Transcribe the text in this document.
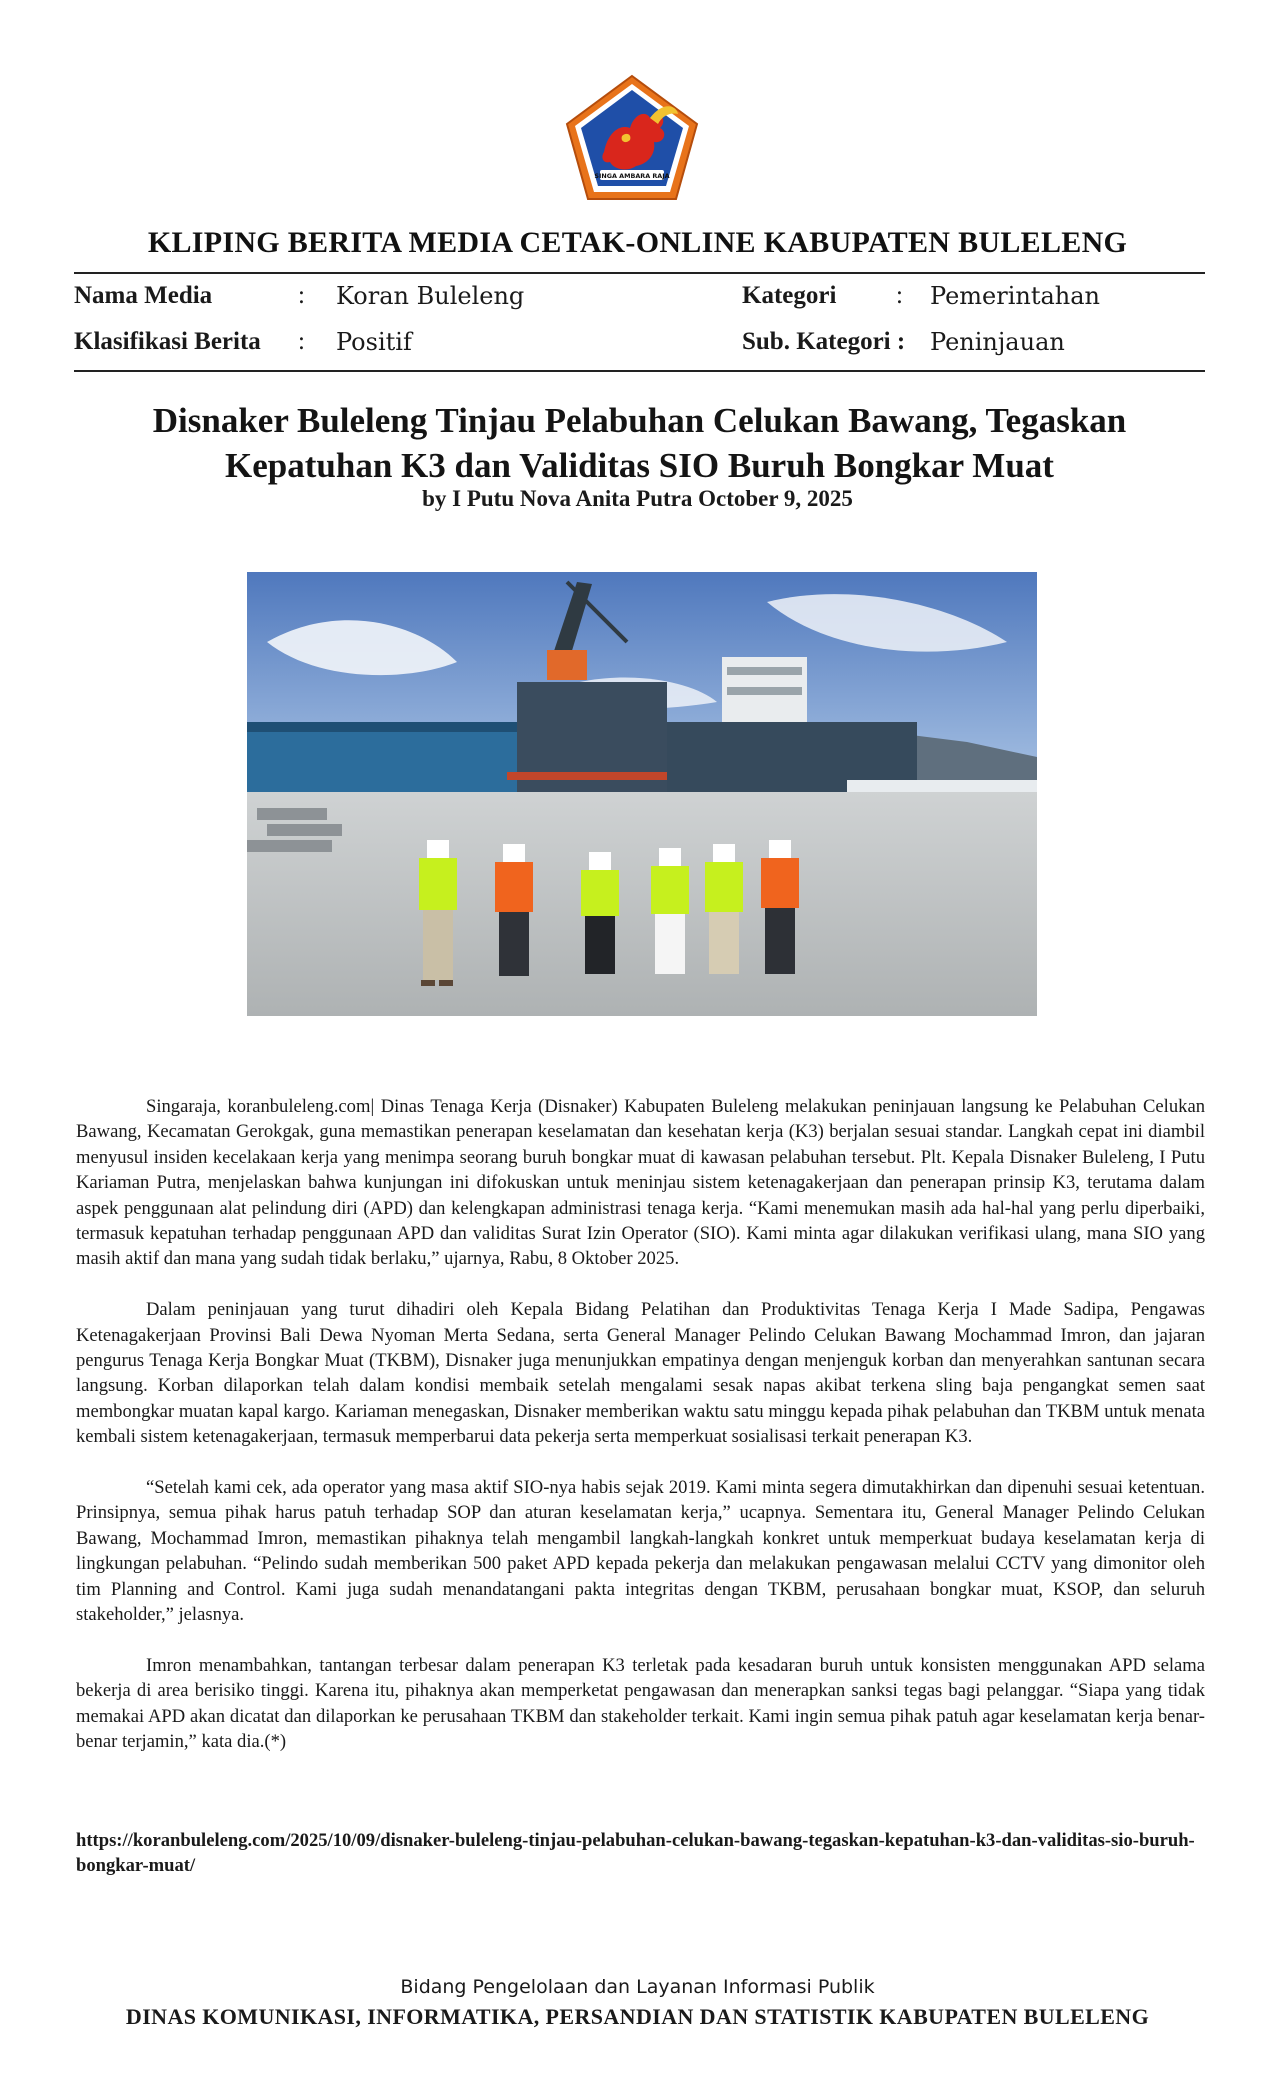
SINGA AMBARA RAJA
KLIPING BERITA MEDIA CETAK-ONLINE KABUPATEN BULELENG
Nama Media	: Koran Buleleng	Kategori : Pemerintahan
Klasifikasi Berita : Positif	Sub. Kategori : Peninjauan
Disnaker Buleleng Tinjau Pelabuhan Celukan Bawang, Tegaskan
Kepatuhan K3 dan Validitas SIO Buruh Bongkar Muat
by I Putu Nova Anita Putra October 9, 2025

Singaraja, koranbuleleng.com| Dinas Tenaga Kerja (Disnaker) Kabupaten Buleleng melakukan peninjauan langsung ke Pelabuhan Celukan Bawang, Kecamatan Gerokgak, guna memastikan penerapan keselamatan dan kesehatan kerja (K3) berjalan sesuai standar. Langkah cepat ini diambil menyusul insiden kecelakaan kerja yang menimpa seorang buruh bongkar muat di kawasan pelabuhan tersebut. Plt. Kepala Disnaker Buleleng, I Putu Kariaman Putra, menjelaskan bahwa kunjungan ini difokuskan untuk meninjau sistem ketenagakerjaan dan penerapan prinsip K3, terutama dalam aspek penggunaan alat pelindung diri (APD) dan kelengkapan administrasi tenaga kerja. “Kami menemukan masih ada hal-hal yang perlu diperbaiki, termasuk kepatuhan terhadap penggunaan APD dan validitas Surat Izin Operator (SIO). Kami minta agar dilakukan verifikasi ulang, mana SIO yang masih aktif dan mana yang sudah tidak berlaku,” ujarnya, Rabu, 8 Oktober 2025.

Dalam peninjauan yang turut dihadiri oleh Kepala Bidang Pelatihan dan Produktivitas Tenaga Kerja I Made Sadipa, Pengawas Ketenagakerjaan Provinsi Bali Dewa Nyoman Merta Sedana, serta General Manager Pelindo Celukan Bawang Mochammad Imron, dan jajaran pengurus Tenaga Kerja Bongkar Muat (TKBM), Disnaker juga menunjukkan empatinya dengan menjenguk korban dan menyerahkan santunan secara langsung. Korban dilaporkan telah dalam kondisi membaik setelah mengalami sesak napas akibat terkena sling baja pengangkat semen saat membongkar muatan kapal kargo. Kariaman menegaskan, Disnaker memberikan waktu satu minggu kepada pihak pelabuhan dan TKBM untuk menata kembali sistem ketenagakerjaan, termasuk memperbarui data pekerja serta memperkuat sosialisasi terkait penerapan K3.

“Setelah kami cek, ada operator yang masa aktif SIO-nya habis sejak 2019. Kami minta segera dimutakhirkan dan dipenuhi sesuai ketentuan. Prinsipnya, semua pihak harus patuh terhadap SOP dan aturan keselamatan kerja,” ucapnya. Sementara itu, General Manager Pelindo Celukan Bawang, Mochammad Imron, memastikan pihaknya telah mengambil langkah-langkah konkret untuk memperkuat budaya keselamatan kerja di lingkungan pelabuhan. “Pelindo sudah memberikan 500 paket APD kepada pekerja dan melakukan pengawasan melalui CCTV yang dimonitor oleh tim Planning and Control. Kami juga sudah menandatangani pakta integritas dengan TKBM, perusahaan bongkar muat, KSOP, dan seluruh stakeholder,” jelasnya.

Imron menambahkan, tantangan terbesar dalam penerapan K3 terletak pada kesadaran buruh untuk konsisten menggunakan APD selama bekerja di area berisiko tinggi. Karena itu, pihaknya akan memperketat pengawasan dan menerapkan sanksi tegas bagi pelanggar. “Siapa yang tidak memakai APD akan dicatat dan dilaporkan ke perusahaan TKBM dan stakeholder terkait. Kami ingin semua pihak patuh agar keselamatan kerja benar-benar terjamin,” kata dia.(*)

https://koranbuleleng.com/2025/10/09/disnaker-buleleng-tinjau-pelabuhan-celukan-bawang-tegaskan-kepatuhan-k3-dan-validitas-sio-buruh-bongkar-muat/
Bidang Pengelolaan dan Layanan Informasi Publik
DINAS KOMUNIKASI, INFORMATIKA, PERSANDIAN DAN STATISTIK KABUPATEN BULELENG
